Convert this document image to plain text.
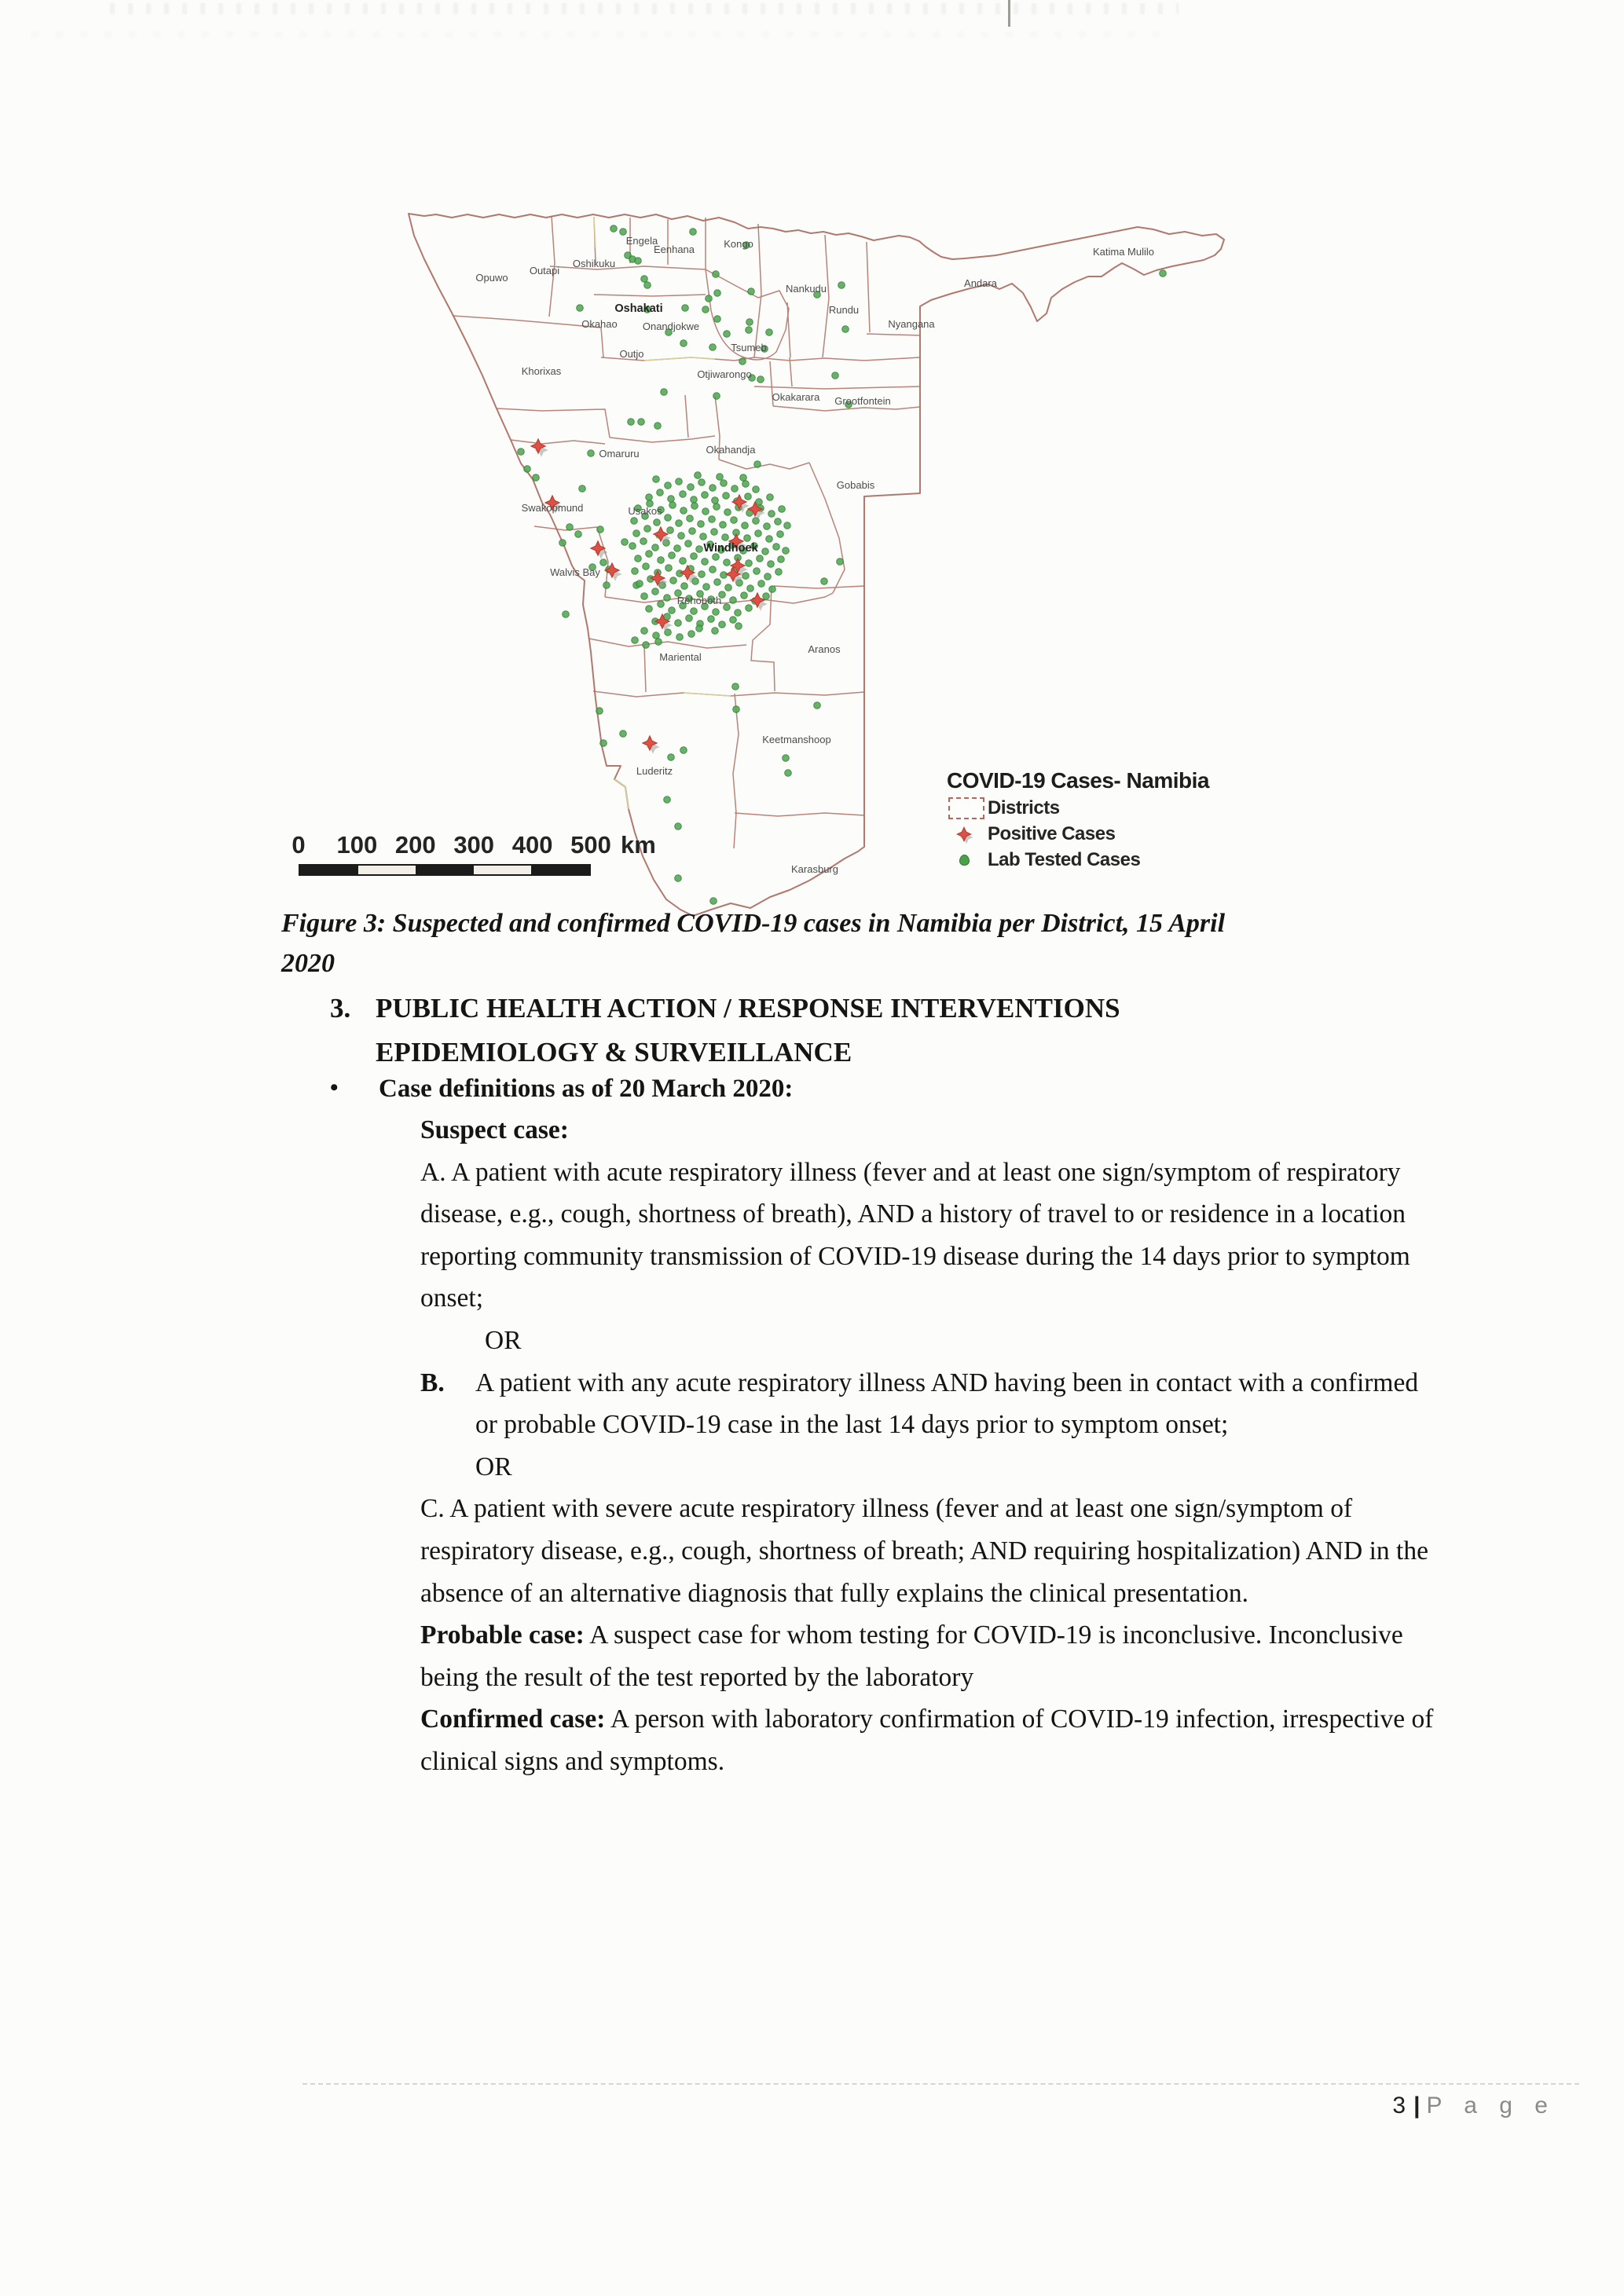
Opuwo
Outapi
Oshikuku
Engela
Eenhana	Kongo
Nankudu
Rundu
Nyangana
Andara
Katima Mulilo
Okahao
Oshakati
Onandjokwe
Tsumeb
Grootfontein
Khorixas
Outjo
Otjiwarongo
Okakarara
Omaruru	Okahandja
Gobabis
Swakopmund	Usakos
Walvis Bay
Windhoek
Rehoboth
Mariental
Aranos
Luderitz
Keetmanshoop
Karasburg
COVID-19 Cases- Namibia
Districts
Positive Cases
Lab Tested Cases
0 100 200 300 400 500 km
Figure 3: Suspected and confirmed COVID-19 cases in Namibia per District, 15 April
2020
3. PUBLIC HEALTH ACTION / RESPONSE INTERVENTIONS
EPIDEMIOLOGY & SURVEILLANCE
•	Case definitions as of 20 March 2020:

Suspect case:

A. A patient with acute respiratory illness (fever and at least one sign/symptom of respiratory disease, e.g., cough, shortness of breath), AND a history of travel to or residence in a location reporting community transmission of COVID-19 disease during the 14 days prior to symptom onset;

OR

B.	A patient with any acute respiratory illness AND having been in contact with a confirmed or probable COVID-19 case in the last 14 days prior to symptom onset;

OR

C. A patient with severe acute respiratory illness (fever and at least one sign/symptom of respiratory disease, e.g., cough, shortness of breath; AND requiring hospitalization) AND in the absence of an alternative diagnosis that fully explains the clinical presentation.

Probable case: A suspect case for whom testing for COVID-19 is inconclusive. Inconclusive being the result of the test reported by the laboratory

Confirmed case: A person with laboratory confirmation of COVID-19 infection, irrespective of clinical signs and symptoms.

3 | P a g e
